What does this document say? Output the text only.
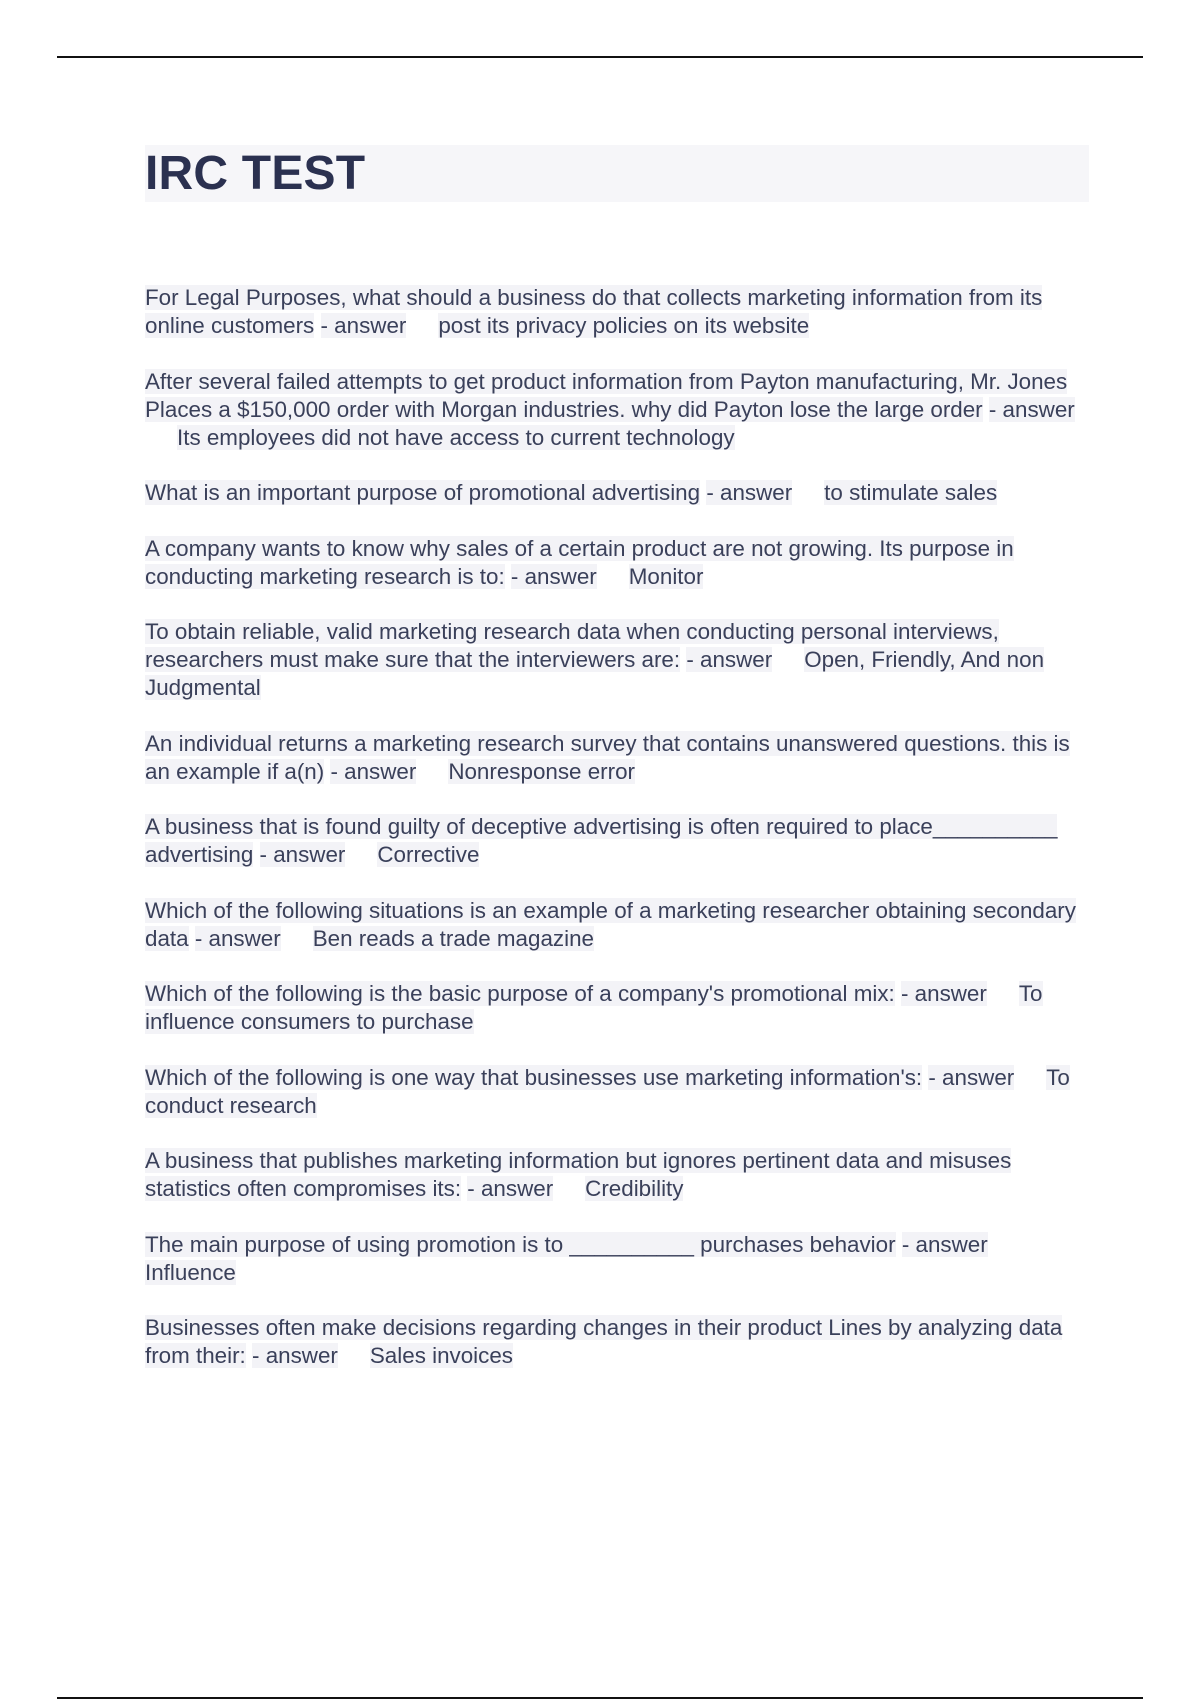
IRC TEST
For Legal Purposes, what should a business do that collects marketing information from its online customers - answer post its privacy policies on its website
After several failed attempts to get product information from Payton manufacturing, Mr. Jones Places a $150,000 order with Morgan industries. why did Payton lose the large order - answerIts employees did not have access to current technology
What is an important purpose of promotional advertising - answer to stimulate sales
A company wants to know why sales of a certain product are not growing. Its purpose in conducting marketing research is to: - answer Monitor
To obtain reliable, valid marketing research data when conducting personal interviews, researchers must make sure that the interviewers are: - answer Open, Friendly, And non Judgmental
An individual returns a marketing research survey that contains unanswered questions. this is an example if a(n) - answer Nonresponse error
A business that is found guilty of deceptive advertising is often required to place__________ advertising - answer Corrective
Which of the following situations is an example of a marketing researcher obtaining secondary data - answer Ben reads a trade magazine
Which of the following is the basic purpose of a company's promotional mix: - answer To influence consumers to purchase
Which of the following is one way that businesses use marketing information's: - answer To conduct research
A business that publishes marketing information but ignores pertinent data and misuses statistics often compromises its: - answer Credibility
The main purpose of using promotion is to __________ purchases behavior - answerInfluence
Businesses often make decisions regarding changes in their product Lines by analyzing data from their: - answer Sales invoices
